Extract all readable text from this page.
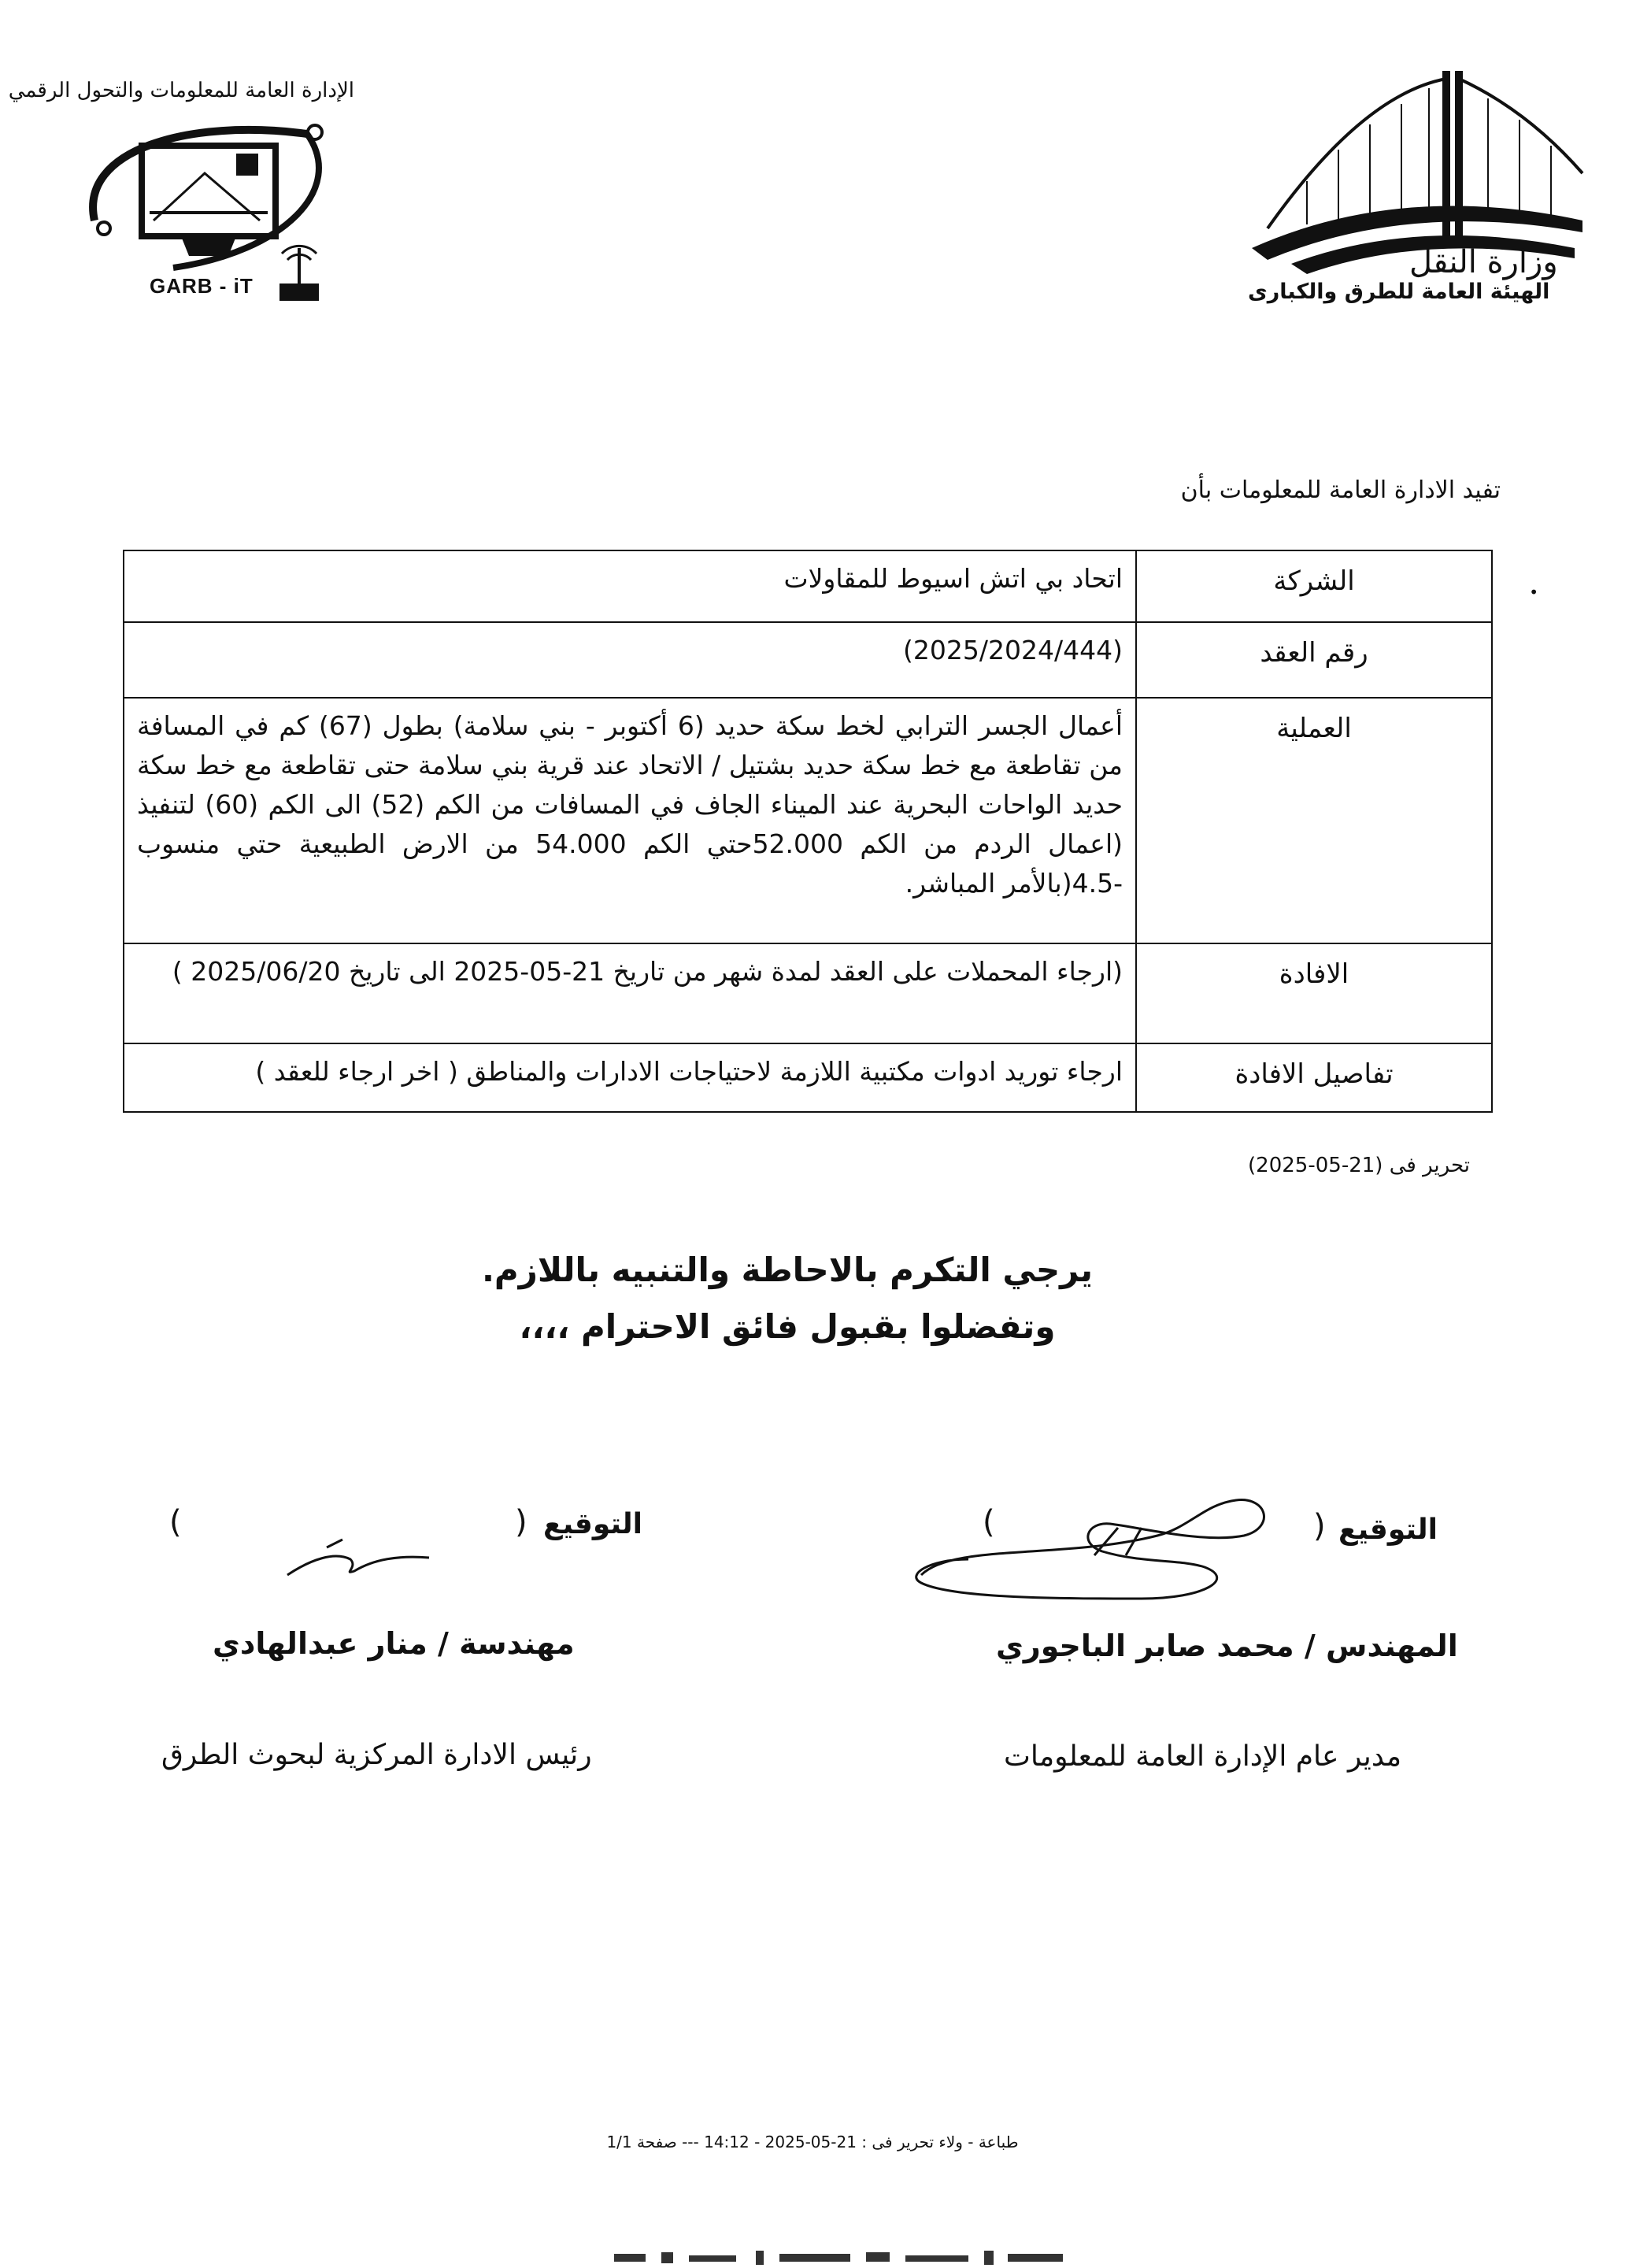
الإدارة العامة للمعلومات والتحول الرقمي
GARB - iT
وزارة النقل
الهيئة العامة للطرق والكبارى
تفيد الادارة العامة للمعلومات بأن
•
الشركة	اتحاد بي اتش اسيوط للمقاولات
رقم العقد	(2025/2024/444)
العملية	أعمال الجسر الترابي لخط سكة حديد (6 أكتوبر - بني سلامة) بطول (67) كم في المسافة من تقاطعة مع خط سكة حديد بشتيل / الاتحاد عند قرية بني سلامة حتى تقاطعة مع خط سكة حديد الواحات البحرية عند الميناء الجاف في المسافات من الكم (52) الى الكم (60) لتنفيذ (اعمال الردم من الكم 52.000حتي الكم 54.000 من الارض الطبيعية حتي منسوب -4.5(بالأمر المباشر.
الافادة	(ارجاء المحملات على العقد لمدة شهر من تاريخ 21-05-2025 الى تاريخ 2025/06/20 )
تفاصيل الافادة	ارجاء توريد ادوات مكتبية اللازمة لاحتياجات الادارات والمناطق ( اخر ارجاء للعقد )
تحرير فى (21-05-2025)
يرجي التكرم بالاحاطة والتنبيه باللازم.
وتفضلوا بقبول فائق الاحترام ،،،،
التوقيع
(
)
المهندس / محمد صابر الباجوري
مدير عام الإدارة العامة للمعلومات
التوقيع
(
)
مهندسة / منار عبدالهادي
رئيس الادارة المركزية لبحوث الطرق
طباعة - ولاء تحرير فى : 21-05-2025 - 14:12 --- صفحة 1/1
